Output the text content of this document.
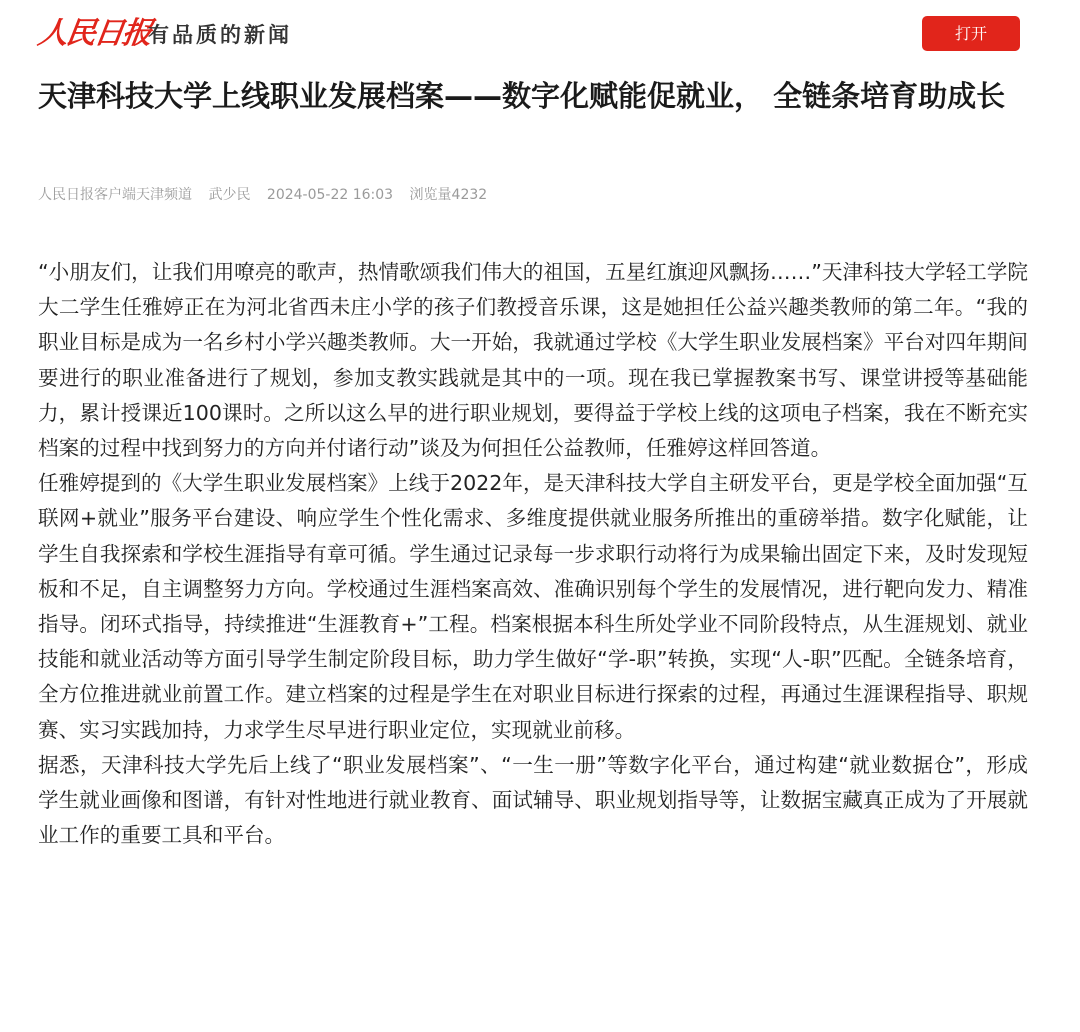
人民日报
有品质的新闻	打开
天津科技大学上线职业发展档案——数字化赋能促就业， 全链条培育助成长
人民日报客户端天津频道 武少民 2024-05-22 16:03 浏览量4232

“小朋友们，让我们用嘹亮的歌声，热情歌颂我们伟大的祖国，五星红旗迎风飘扬……”天津科技大学轻工学院大二学生任雅婷正在为河北省西未庄小学的孩子们教授音乐课，这是她担任公益兴趣类教师的第二年。“我的职业目标是成为一名乡村小学兴趣类教师。大一开始，我就通过学校《大学生职业发展档案》平台对四年期间要进行的职业准备进行了规划，参加支教实践就是其中的一项。现在我已掌握教案书写、课堂讲授等基础能力，累计授课近100课时。之所以这么早的进行职业规划，要得益于学校上线的这项电子档案，我在不断充实档案的过程中找到努力的方向并付诸行动”谈及为何担任公益教师，任雅婷这样回答道。

任雅婷提到的《大学生职业发展档案》上线于2022年，是天津科技大学自主研发平台，更是学校全面加强“互联网+就业”服务平台建设、响应学生个性化需求、多维度提供就业服务所推出的重磅举措。数字化赋能，让学生自我探索和学校生涯指导有章可循。学生通过记录每一步求职行动将行为成果输出固定下来，及时发现短板和不足，自主调整努力方向。学校通过生涯档案高效、准确识别每个学生的发展情况，进行靶向发力、精准指导。闭环式指导，持续推进“生涯教育+”工程。档案根据本科生所处学业不同阶段特点，从生涯规划、就业技能和就业活动等方面引导学生制定阶段目标，助力学生做好“学-职”转换，实现“人-职”匹配。全链条培育，全方位推进就业前置工作。建立档案的过程是学生在对职业目标进行探索的过程，再通过生涯课程指导、职规赛、实习实践加持，力求学生尽早进行职业定位，实现就业前移。

据悉，天津科技大学先后上线了“职业发展档案”、“一生一册”等数字化平台，通过构建“就业数据仓”，形成学生就业画像和图谱，有针对性地进行就业教育、面试辅导、职业规划指导等，让数据宝藏真正成为了开展就业工作的重要工具和平台。
